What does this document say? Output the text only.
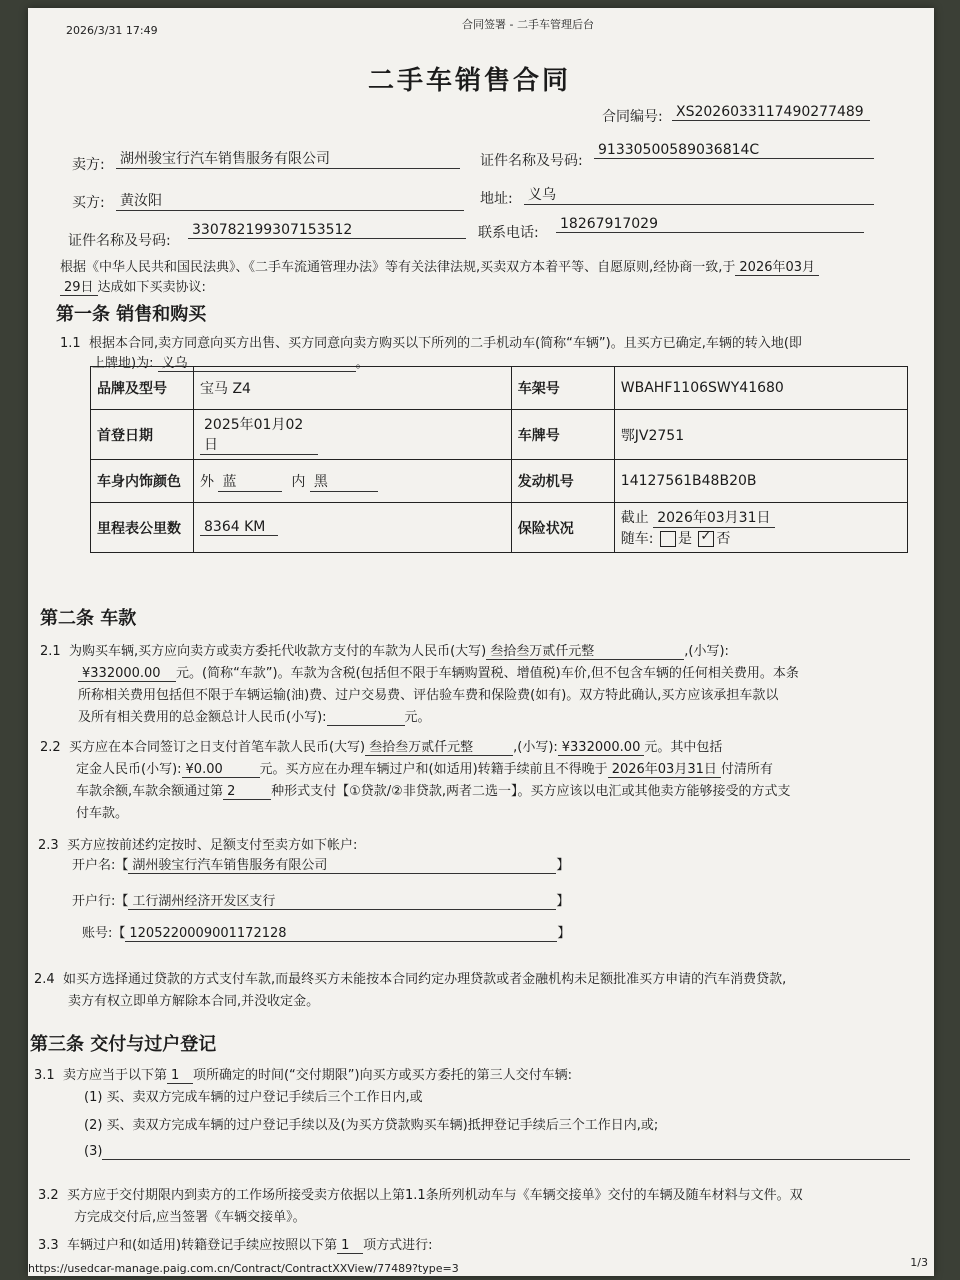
2026/3/31 17:49	合同签署 - 二手车管理后台
二手车销售合同
合同编号: XS2026033117490277489
卖方: 湖州骏宝行汽车销售服务有限公司	证件名称及号码:
91330500589036814C
买方: 黄汝阳	地址: 义乌
证件名称及号码:
330782199307153512	联系电话:
18267917029
根据《中华人民共和国民法典》、《二手车流通管理办法》等有关法律法规,买卖双方本着平等、自愿原则,经协商一致,于 2026年03月
29日 达成如下买卖协议:
第一条 销售和购买
1.1 根据本合同,卖方同意向买方出售、买方同意向卖方购买以下所列的二手机动车(简称“车辆”)。且买方已确定,车辆的转入地(即
上牌地)为: 义乌	。
品牌及型号	宝马 Z4	车架号	WBAHF1106SWY41680
首登日期	2025年01月02日	车牌号	鄂JV2751
车身内饰颜色	外 蓝 内 黑	发动机号	14127561B48B20B
里程表公里数	8364 KM	保险状况	截止 2026年03月31日
随车: 是 ✓ 否
第二条 车款
2.1 为购买车辆,买方应向卖方或卖方委托代收款方支付的车款为人民币(大写) 叁拾叁万贰仟元整	,(小写):
¥332000.00 元。(简称“车款”)。车款为含税(包括但不限于车辆购置税、增值税)车价,但不包含车辆的任何相关费用。本条
所称相关费用包括但不限于车辆运输(油)费、过户交易费、评估验车费和保险费(如有)。双方特此确认,买方应该承担车款以
及所有相关费用的总金额总计人民币(小写):	元。
2.2 买方应在本合同签订之日支付首笔车款人民币(大写) 叁拾叁万贰仟元整	,(小写): ¥332000.00 元。其中包括
定金人民币(小写): ¥0.00	元。买方应在办理车辆过户和(如适用)转籍手续前且不得晚于 2026年03月31日 付清所有
车款余额,车款余额通过第 2	种形式支付【①贷款/②非贷款,两者二选一】。买方应该以电汇或其他卖方能够接受的方式支
付车款。
2.3 买方应按前述约定按时、足额支付至卖方如下帐户:
开户名:【 湖州骏宝行汽车销售服务有限公司	】
开户行:【 工行湖州经济开发区支行	】
账号:【 1205220009001172128	】
2.4 如买方选择通过贷款的方式支付车款,而最终买方未能按本合同约定办理贷款或者金融机构未足额批准买方申请的汽车消费贷款,
卖方有权立即单方解除本合同,并没收定金。
第三条 交付与过户登记
3.1 卖方应当于以下第 1 项所确定的时间(“交付期限”)向买方或买方委托的第三人交付车辆:
(1) 买、卖双方完成车辆的过户登记手续后三个工作日内,或
(2) 买、卖双方完成车辆的过户登记手续以及(为买方贷款购买车辆)抵押登记手续后三个工作日内,或;
(3)
3.2 买方应于交付期限内到卖方的工作场所接受卖方依据以上第1.1条所列机动车与《车辆交接单》交付的车辆及随车材料与文件。双
方完成交付后,应当签署《车辆交接单》。
3.3 车辆过户和(如适用)转籍登记手续应按照以下第 1 项方式进行:
https://usedcar-manage.paig.com.cn/Contract/ContractXXView/77489?type=3	1/3
